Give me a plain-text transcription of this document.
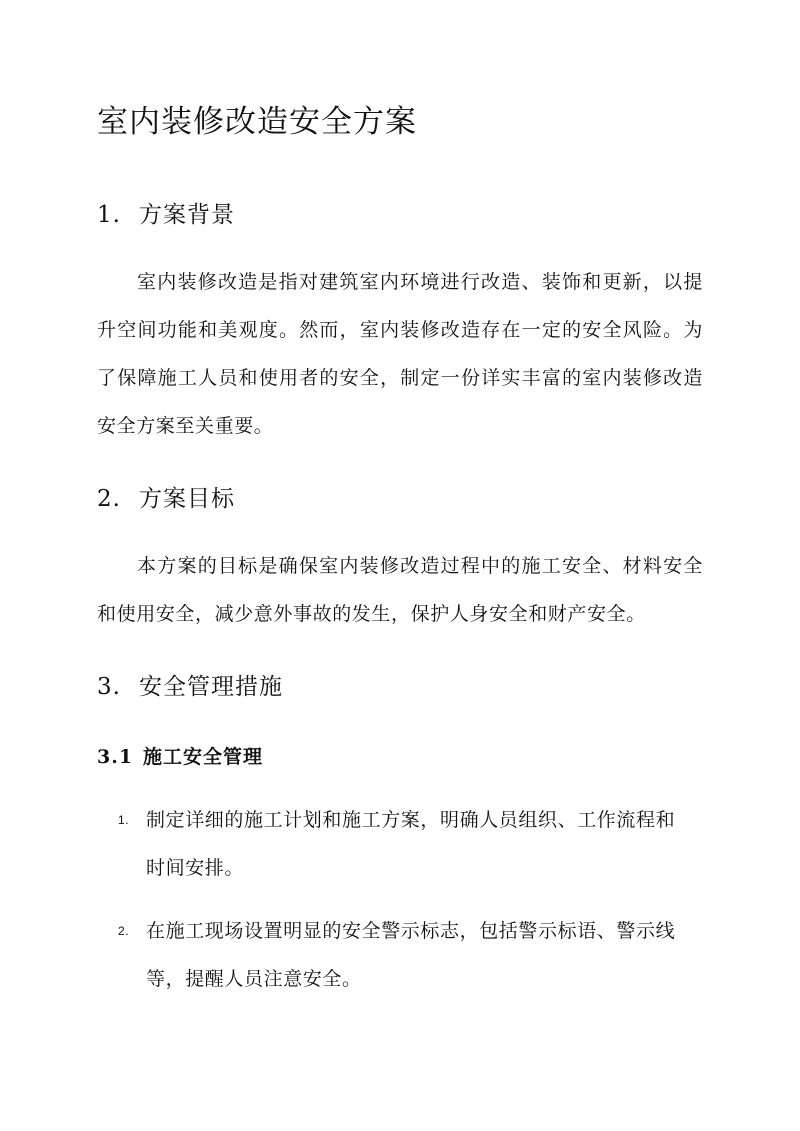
室内装修改造安全方案
1. 方案背景

室内装修改造是指对建筑室内环境进行改造、装饰和更新，以提升空间功能和美观度。然而，室内装修改造存在一定的安全风险。为了保障施工人员和使用者的安全，制定一份详实丰富的室内装修改造安全方案至关重要。

2. 方案目标

本方案的目标是确保室内装修改造过程中的施工安全、材料安全和使用安全，减少意外事故的发生，保护人身安全和财产安全。

3. 安全管理措施
3.1 施工安全管理
1. 制定详细的施工计划和施工方案，明确人员组织、工作流程和时间安排。
2. 在施工现场设置明显的安全警示标志，包括警示标语、警示线等，提醒人员注意安全。
